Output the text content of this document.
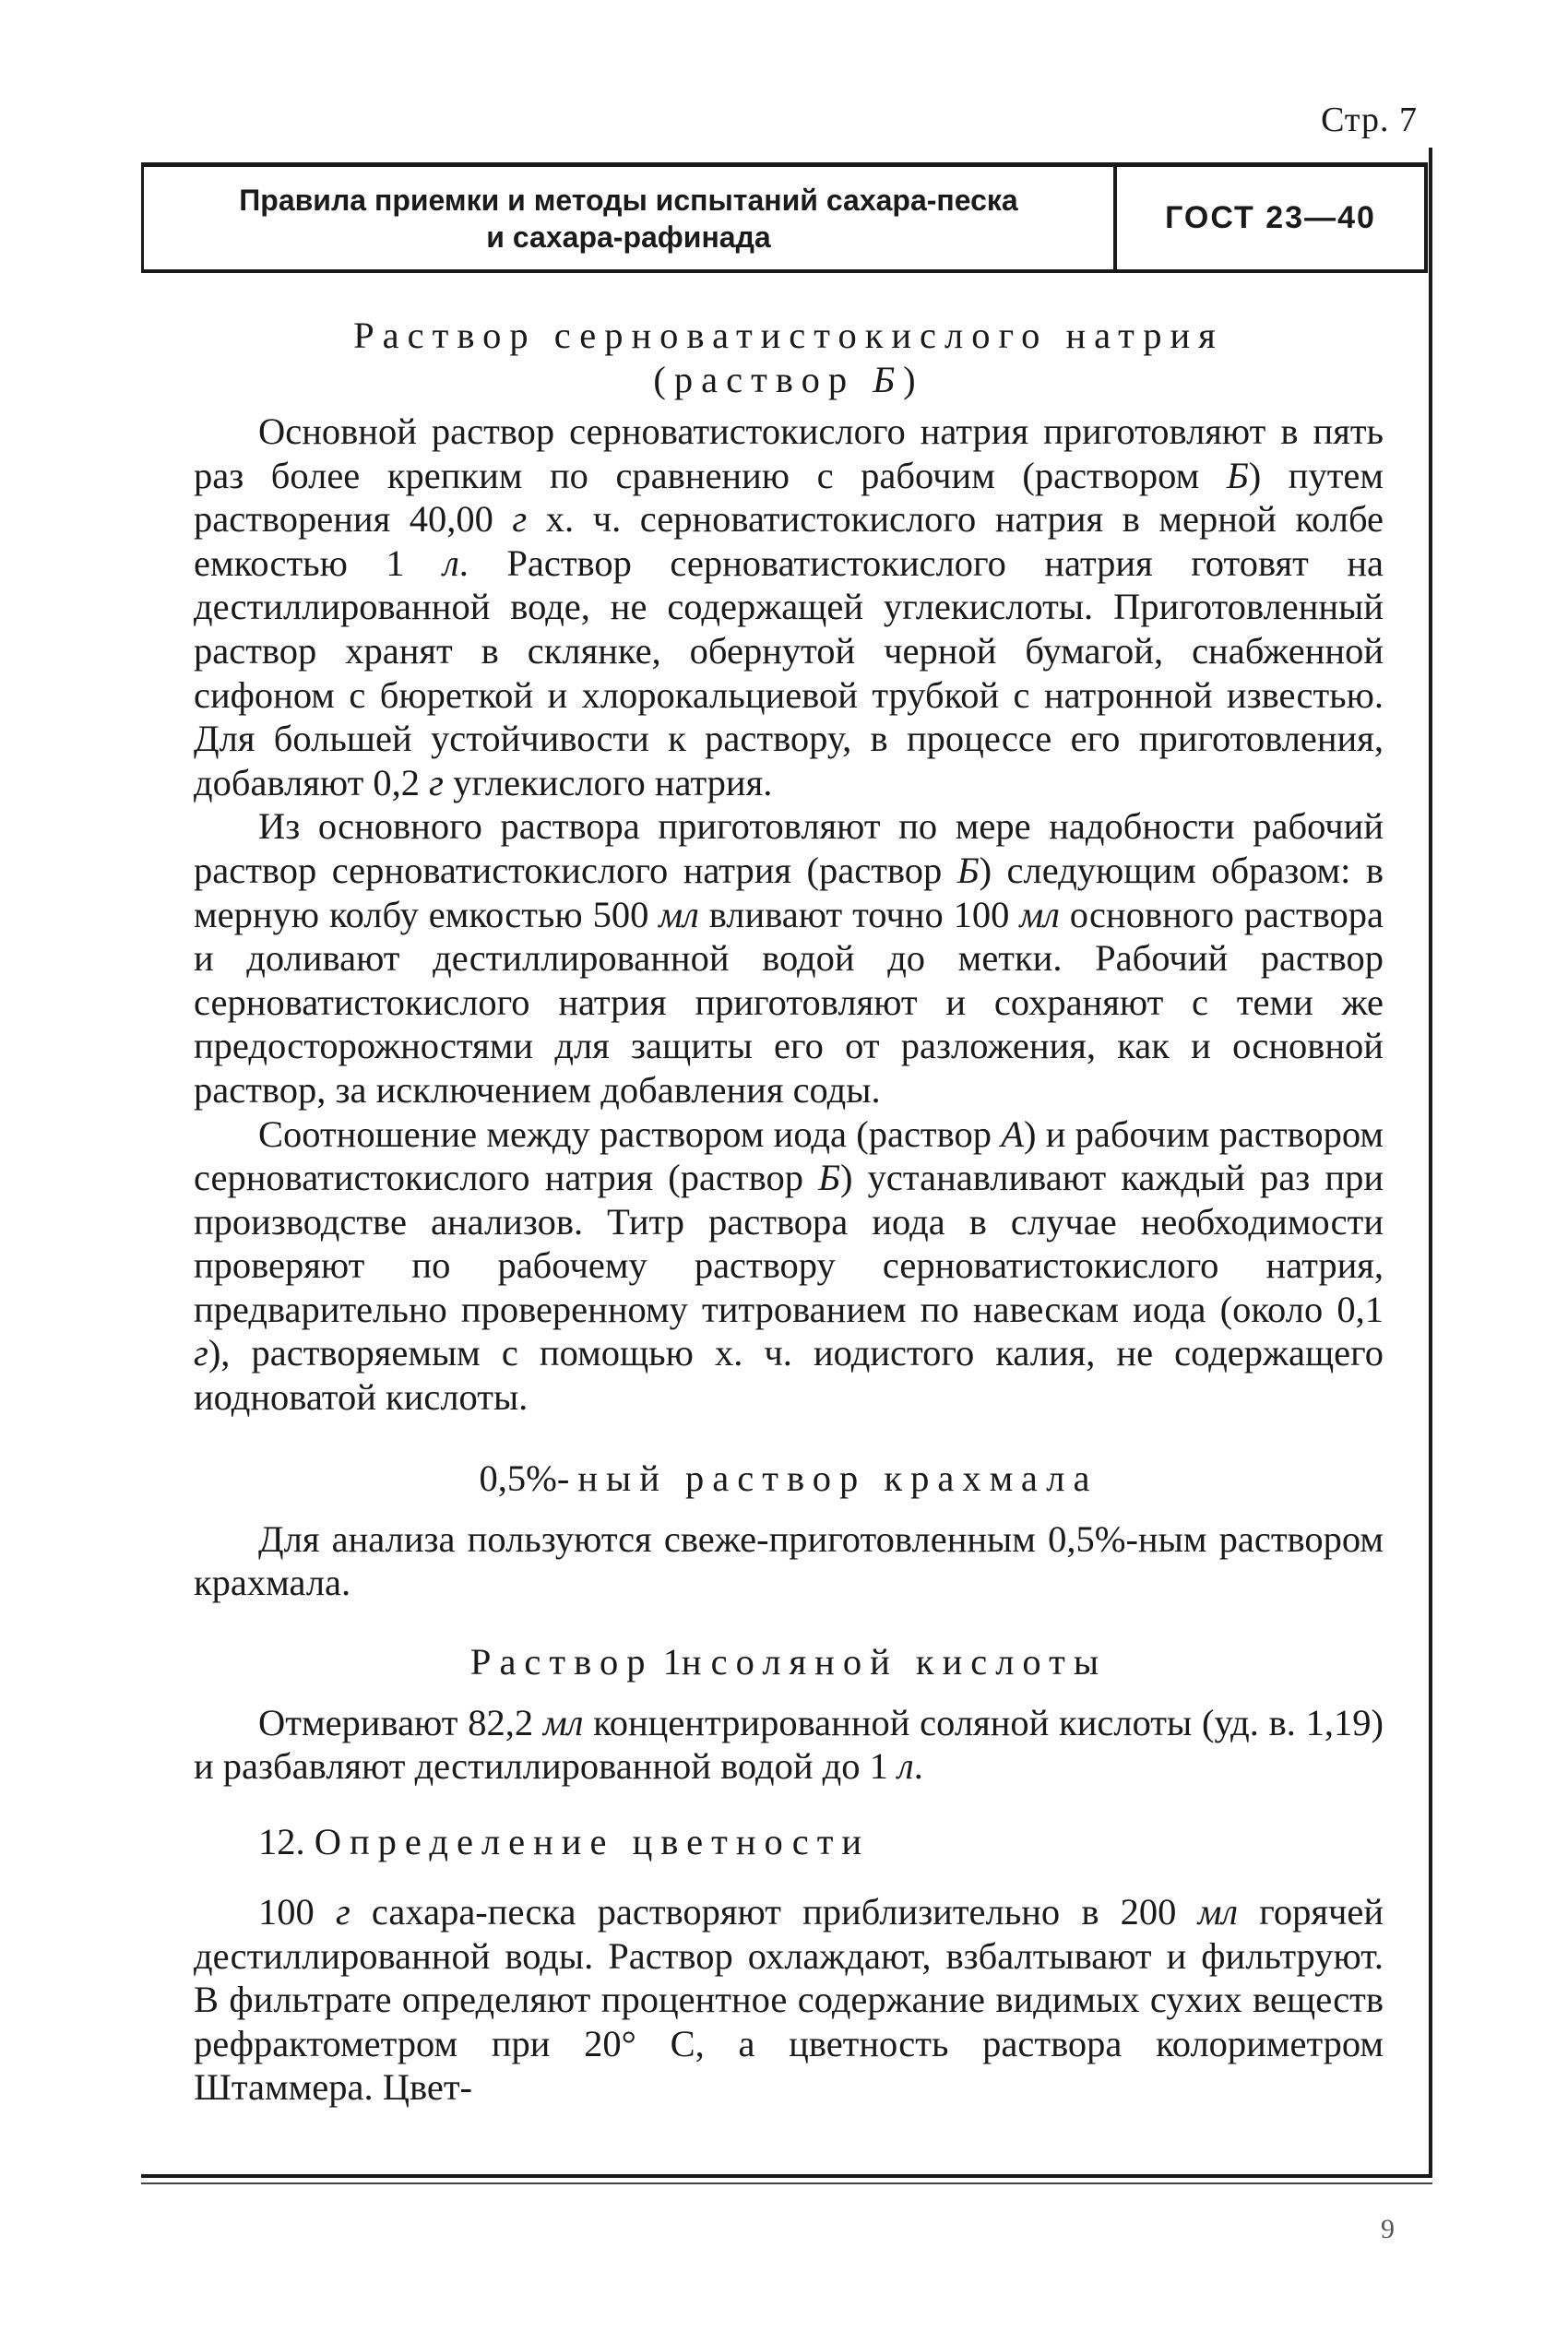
Стр. 7
Правила приемки и методы испытаний сахара-песка
и сахара-рафинада
ГОСТ 23—40
Раствор серноватистокислого натрия
(раствор Б)

Основной раствор серноватистокислого натрия приготовляют в пять раз более крепким по сравнению с рабочим (раствором Б) путем растворения 40,00 г х. ч. серноватистокислого натрия в мерной колбе емкостью 1 л. Раствор серноватистокислого натрия готовят на дестиллированной воде, не содержащей углекислоты. Приготовленный раствор хранят в склянке, обернутой черной бумагой, снабженной сифоном с бюреткой и хлорокальциевой трубкой с натронной известью. Для большей устойчивости к раствору, в процессе его приготовления, добавляют 0,2 г углекислого натрия.

Из основного раствора приготовляют по мере надобности рабочий раствор серноватистокислого натрия (раствор Б) следующим образом: в мерную колбу емкостью 500 мл вливают точно 100 мл основного раствора и доливают дестиллированной водой до метки. Рабочий раствор серноватистокислого натрия приготовляют и сохраняют с теми же предосторожностями для защиты его от разложения, как и основной раствор, за исключением добавления соды.

Соотношение между раствором иода (раствор А) и рабочим раствором серноватистокислого натрия (раствор Б) устанавливают каждый раз при производстве анализов. Титр раствора иода в случае необходимости проверяют по рабочему раствору серноватистокислого натрия, предварительно проверенному титрованием по навескам иода (около 0,1 г), растворяемым с помощью х. ч. иодистого калия, не содержащего иодноватой кислоты.

0,5%-ный раствор крахмала

Для анализа пользуются свеже-приготовленным 0,5%-ным раствором крахмала.

Раствор 1н соляной кислоты

Отмеривают 82,2 мл концентрированной соляной кислоты (уд. в. 1,19) и разбавляют дестиллированной водой до 1 л.

12. Определение цветности

100 г сахара-песка растворяют приблизительно в 200 мл горячей дестиллированной воды. Раствор охлаждают, взбалтывают и фильтруют. В фильтрате определяют процентное содержание видимых сухих веществ рефрактометром при 20° С, а цветность раствора колориметром Штаммера. Цвет-

9
